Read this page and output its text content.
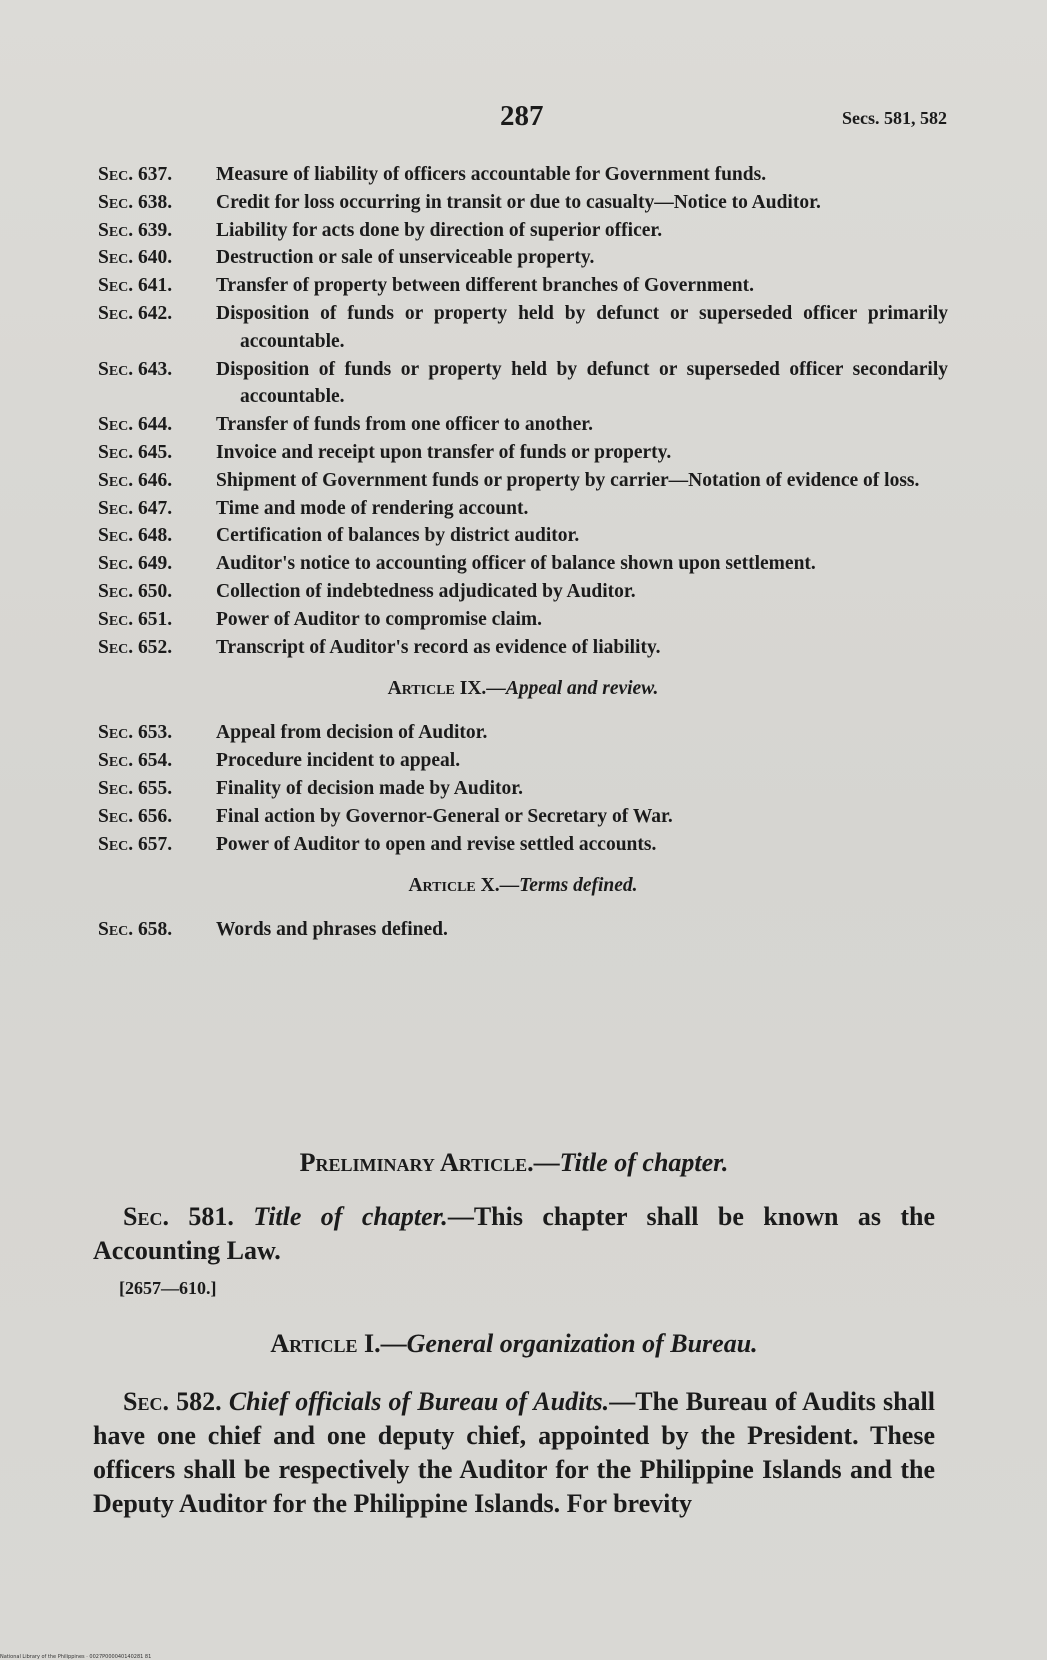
287	Secs. 581, 582
Sec. 637.	Measure of liability of officers accountable for Government funds.
Sec. 638.	Credit for loss occurring in transit or due to casualty—Notice to Auditor.
Sec. 639.	Liability for acts done by direction of superior officer.
Sec. 640.	Destruction or sale of unserviceable property.
Sec. 641.	Transfer of property between different branches of Government.
Sec. 642.	Disposition of funds or property held by defunct or superseded officer primarily accountable.
Sec. 643.	Disposition of funds or property held by defunct or superseded officer secondarily accountable.
Sec. 644.	Transfer of funds from one officer to another.
Sec. 645.	Invoice and receipt upon transfer of funds or property.
Sec. 646.	Shipment of Government funds or property by carrier—Notation of evidence of loss.
Sec. 647.	Time and mode of rendering account.
Sec. 648.	Certification of balances by district auditor.
Sec. 649.	Auditor's notice to accounting officer of balance shown upon settlement.
Sec. 650.	Collection of indebtedness adjudicated by Auditor.
Sec. 651.	Power of Auditor to compromise claim.
Sec. 652.	Transcript of Auditor's record as evidence of liability.
Article IX.—Appeal and review.
Sec. 653.	Appeal from decision of Auditor.
Sec. 654.	Procedure incident to appeal.
Sec. 655.	Finality of decision made by Auditor.
Sec. 656.	Final action by Governor-General or Secretary of War.
Sec. 657.	Power of Auditor to open and revise settled accounts.
Article X.—Terms defined.
Sec. 658.	Words and phrases defined.
Preliminary Article.—Title of chapter.

Sec. 581. Title of chapter.—This chapter shall be known as the Accounting Law.

[2657—610.]
Article I.—General organization of Bureau.

Sec. 582. Chief officials of Bureau of Audits.—The Bureau of Audits shall have one chief and one deputy chief, appointed by the President. These officers shall be respectively the Auditor for the Philippine Islands and the Deputy Auditor for the Philippine Islands. For brevity

National Library of the Philippines · 0027P000040140281 81
